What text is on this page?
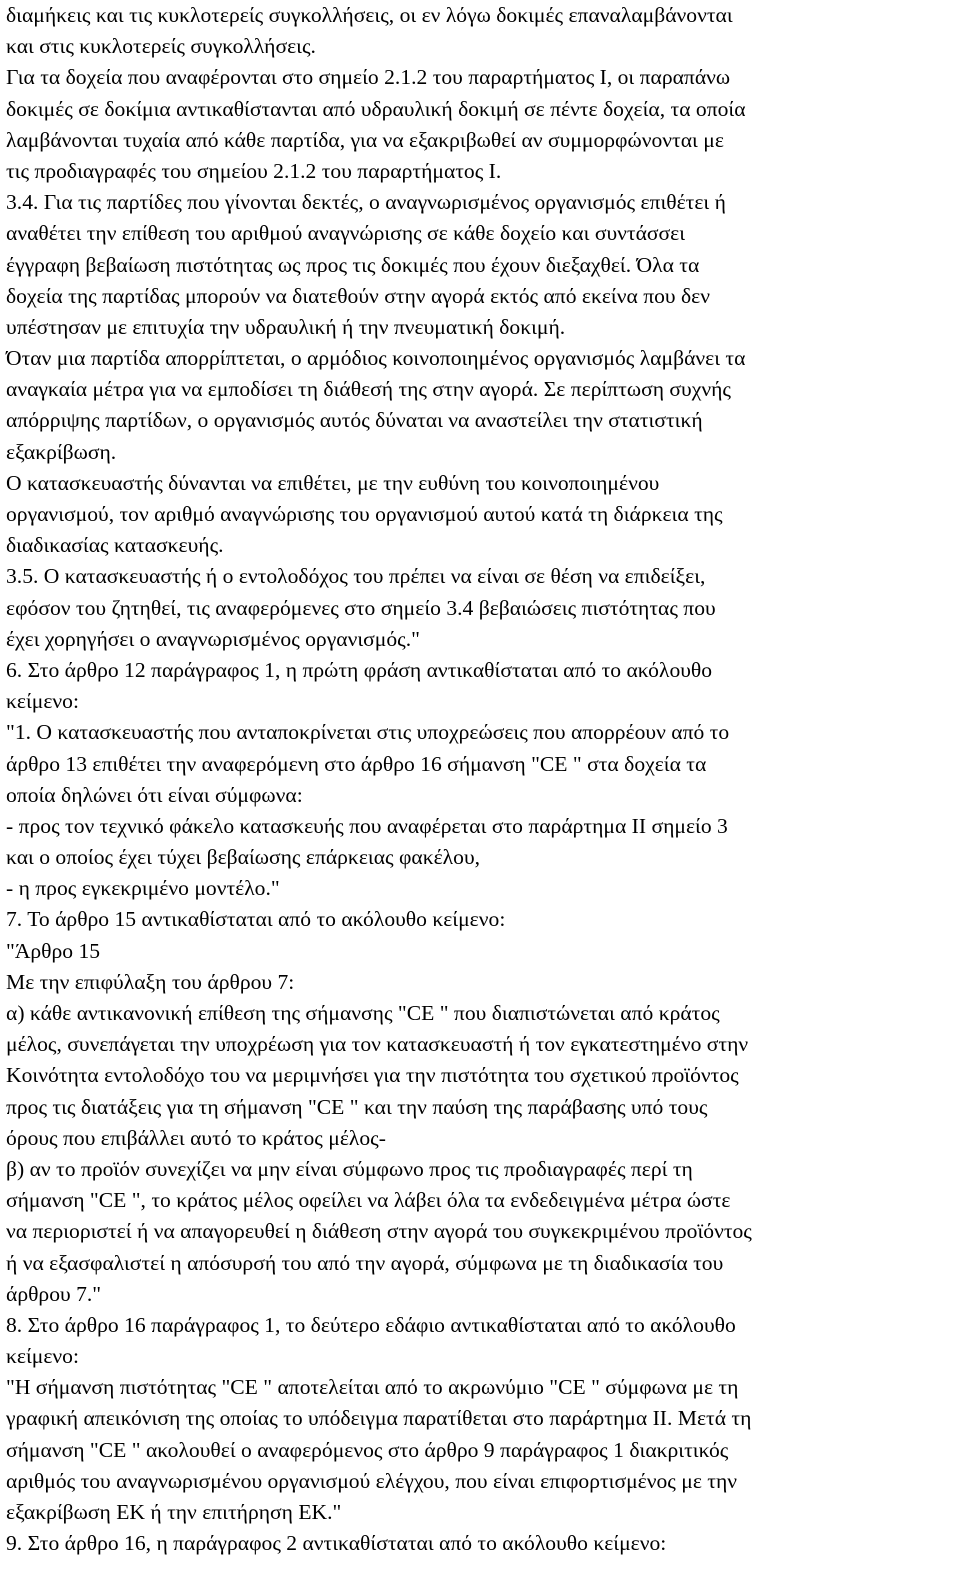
διαμήκεις και τις κυκλοτερείς συγκολλήσεις, οι εν λόγω δοκιμές επαναλαμβάνονται
και στις κυκλοτερείς συγκολλήσεις.
Για τα δοχεία που αναφέρονται στο σημείο 2.1.2 του παραρτήματος Ι, οι παραπάνω
δοκιμές σε δοκίμια αντικαθίστανται από υδραυλική δοκιμή σε πέντε δοχεία, τα οποία
λαμβάνονται τυχαία από κάθε παρτίδα, για να εξακριβωθεί αν συμμορφώνονται με
τις προδιαγραφές του σημείου 2.1.2 του παραρτήματος Ι.
3.4. Για τις παρτίδες που γίνονται δεκτές, ο αναγνωρισμένος οργανισμός επιθέτει ή
αναθέτει την επίθεση του αριθμού αναγνώρισης σε κάθε δοχείο και συντάσσει
έγγραφη βεβαίωση πιστότητας ως προς τις δοκιμές που έχουν διεξαχθεί. Όλα τα
δοχεία της παρτίδας μπορούν να διατεθούν στην αγορά εκτός από εκείνα που δεν
υπέστησαν με επιτυχία την υδραυλική ή την πνευματική δοκιμή.
Όταν μια παρτίδα απορρίπτεται, ο αρμόδιος κοινοποιημένος οργανισμός λαμβάνει τα
αναγκαία μέτρα για να εμποδίσει τη διάθεσή της στην αγορά. Σε περίπτωση συχνής
απόρριψης παρτίδων, ο οργανισμός αυτός δύναται να αναστείλει την στατιστική
εξακρίβωση.
Ο κατασκευαστής δύνανται να επιθέτει, με την ευθύνη του κοινοποιημένου
οργανισμού, τον αριθμό αναγνώρισης του οργανισμού αυτού κατά τη διάρκεια της
διαδικασίας κατασκευής.
3.5. Ο κατασκευαστής ή ο εντολοδόχος του πρέπει να είναι σε θέση να επιδείξει,
εφόσον του ζητηθεί, τις αναφερόμενες στο σημείο 3.4 βεβαιώσεις πιστότητας που
έχει χορηγήσει ο αναγνωρισμένος οργανισμός."
6. Στο άρθρο 12 παράγραφος 1, η πρώτη φράση αντικαθίσταται από το ακόλουθο
κείμενο:
"1. Ο κατασκευαστής που ανταποκρίνεται στις υποχρεώσεις που απορρέουν από το
άρθρο 13 επιθέτει την αναφερόμενη στο άρθρο 16 σήμανση "CE " στα δοχεία τα
οποία δηλώνει ότι είναι σύμφωνα:
- προς τον τεχνικό φάκελο κατασκευής που αναφέρεται στο παράρτημα ΙΙ σημείο 3
και ο οποίος έχει τύχει βεβαίωσης επάρκειας φακέλου,
- η προς εγκεκριμένο μοντέλο."
7. Το άρθρο 15 αντικαθίσταται από το ακόλουθο κείμενο:
"Άρθρο 15
Με την επιφύλαξη του άρθρου 7:
α) κάθε αντικανονική επίθεση της σήμανσης "CE " που διαπιστώνεται από κράτος
μέλος, συνεπάγεται την υποχρέωση για τον κατασκευαστή ή τον εγκατεστημένο στην
Κοινότητα εντολοδόχο του να μεριμνήσει για την πιστότητα του σχετικού προϊόντος
προς τις διατάξεις για τη σήμανση "CE " και την παύση της παράβασης υπό τους
όρους που επιβάλλει αυτό το κράτος μέλος-
β) αν το προϊόν συνεχίζει να μην είναι σύμφωνο προς τις προδιαγραφές περί τη
σήμανση "CE ", το κράτος μέλος οφείλει να λάβει όλα τα ενδεδειγμένα μέτρα ώστε
να περιοριστεί ή να απαγορευθεί η διάθεση στην αγορά του συγκεκριμένου προϊόντος
ή να εξασφαλιστεί η απόσυρσή του από την αγορά, σύμφωνα με τη διαδικασία του
άρθρου 7."
8. Στο άρθρο 16 παράγραφος 1, το δεύτερο εδάφιο αντικαθίσταται από το ακόλουθο
κείμενο:
"Η σήμανση πιστότητας "CE " αποτελείται από το ακρωνύμιο "CE " σύμφωνα με τη
γραφική απεικόνιση της οποίας το υπόδειγμα παρατίθεται στο παράρτημα ΙΙ. Μετά τη
σήμανση "CE " ακολουθεί ο αναφερόμενος στο άρθρο 9 παράγραφος 1 διακριτικός
αριθμός του αναγνωρισμένου οργανισμού ελέγχου, που είναι επιφορτισμένος με την
εξακρίβωση ΕΚ ή την επιτήρηση ΕΚ."
9. Στο άρθρο 16, η παράγραφος 2 αντικαθίσταται από το ακόλουθο κείμενο:
